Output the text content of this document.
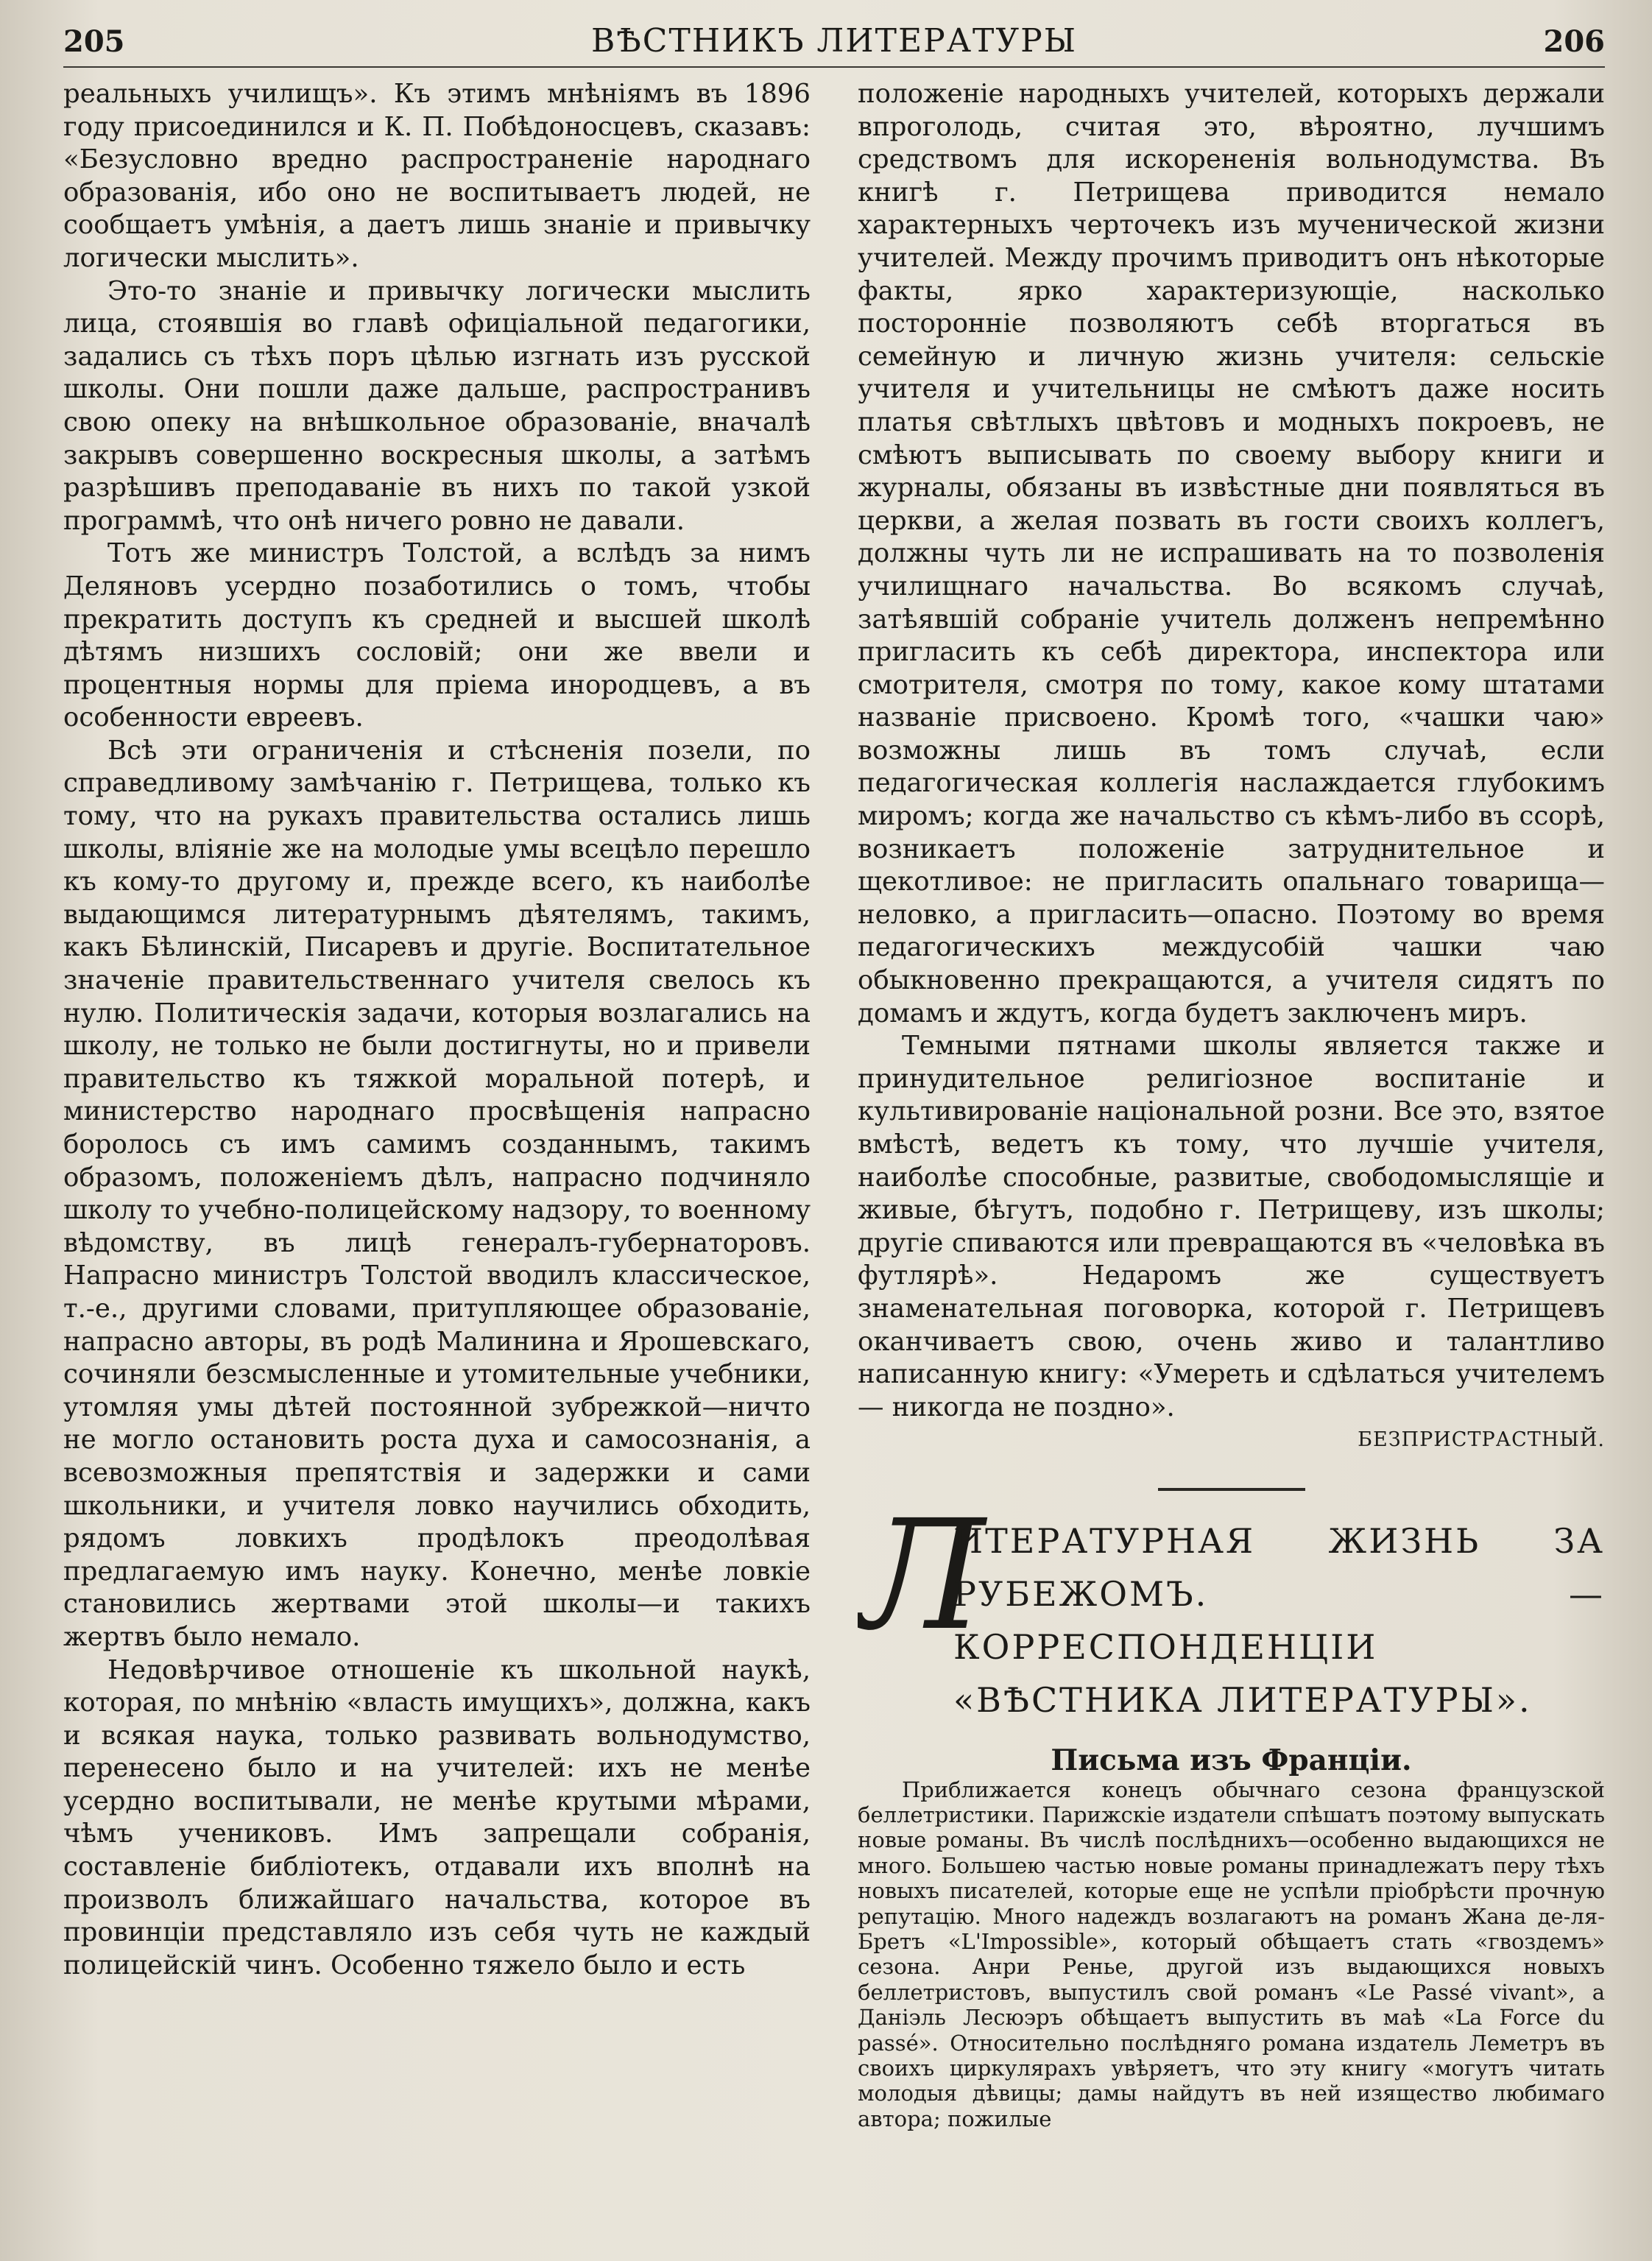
205	ВѢСТНИКЪ ЛИТЕРАТУРЫ	206

реальныхъ училищъ». Къ этимъ мнѣніямъ въ 1896 году присоединился и К. П. Побѣдоносцевъ, сказавъ: «Безусловно вредно распространеніе народнаго образованія, ибо оно не воспитываетъ людей, не сообщаетъ умѣнія, а даетъ лишь знаніе и привычку логически мыслить».

Это-то знаніе и привычку логически мыслить лица, стоявшія во главѣ офиціальной педагогики, задались съ тѣхъ поръ цѣлью изгнать изъ русской школы. Они пошли даже дальше, распространивъ свою опеку на внѣшкольное образованіе, вначалѣ закрывъ совершенно воскресныя школы, а затѣмъ разрѣшивъ преподаваніе въ нихъ по такой узкой программѣ, что онѣ ничего ровно не давали.

Тотъ же министръ Толстой, а вслѣдъ за нимъ Деляновъ усердно позаботились о томъ, чтобы прекратить доступъ къ средней и высшей школѣ дѣтямъ низшихъ сословій; они же ввели и процентныя нормы для пріема инородцевъ, а въ особенности евреевъ.

Всѣ эти ограниченія и стѣсненія позели, по справедливому замѣчанію г. Петрищева, только къ тому, что на рукахъ правительства остались лишь школы, вліяніе же на молодые умы всецѣло перешло къ кому-то другому и, прежде всего, къ наиболѣе выдающимся литературнымъ дѣятелямъ, такимъ, какъ Бѣлинскій, Писаревъ и другіе. Воспитательное значеніе правительственнаго учителя свелось къ нулю. Политическія задачи, которыя возлагались на школу, не только не были достигнуты, но и привели правительство къ тяжкой моральной потерѣ, и министерство народнаго просвѣщенія напрасно боролось съ имъ самимъ созданнымъ, такимъ образомъ, положеніемъ дѣлъ, напрасно подчиняло школу то учебно-полицейскому надзору, то военному вѣдомству, въ лицѣ генералъ-губернаторовъ. Напрасно министръ Толстой вводилъ классическое, т.-е., другими словами, притупляющее образованіе, напрасно авторы, въ родѣ Малинина и Ярошевскаго, сочиняли безсмысленные и утомительные учебники, утомляя умы дѣтей постоянной зубрежкой—ничто не могло остановить роста духа и самосознанія, а всевозможныя препятствія и задержки и сами школьники, и учителя ловко научились обходить, рядомъ ловкихъ продѣлокъ преодолѣвая предлагаемую имъ науку. Конечно, менѣе ловкіе становились жертвами этой школы—и такихъ жертвъ было немало.

Недовѣрчивое отношеніе къ школьной наукѣ, которая, по мнѣнію «власть имущихъ», должна, какъ и всякая наука, только развивать вольнодумство, перенесено было и на учителей: ихъ не менѣе усердно воспитывали, не менѣе крутыми мѣрами, чѣмъ учениковъ. Имъ запрещали собранія, составленіе библіотекъ, отдавали ихъ вполнѣ на произволъ ближайшаго начальства, которое въ провинціи представляло изъ себя чуть не каждый полицейскій чинъ. Особенно тяжело было и есть

положеніе народныхъ учителей, которыхъ держали впроголодь, считая это, вѣроятно, лучшимъ средствомъ для искорененія вольнодумства. Въ книгѣ г. Петрищева приводится немало характерныхъ черточекъ изъ мученической жизни учителей. Между прочимъ приводитъ онъ нѣкоторые факты, ярко характеризующіе, насколько посторонніе позволяютъ себѣ вторгаться въ семейную и личную жизнь учителя: сельскіе учителя и учительницы не смѣютъ даже носить платья свѣтлыхъ цвѣтовъ и модныхъ покроевъ, не смѣютъ выписывать по своему выбору книги и журналы, обязаны въ извѣстные дни появляться въ церкви, а желая позвать въ гости своихъ коллегъ, должны чуть ли не испрашивать на то позволенія училищнаго начальства. Во всякомъ случаѣ, затѣявшій собраніе учитель долженъ непремѣнно пригласить къ себѣ директора, инспектора или смотрителя, смотря по тому, какое кому штатами названіе присвоено. Кромѣ того, «чашки чаю» возможны лишь въ томъ случаѣ, если педагогическая коллегія наслаждается глубокимъ миромъ; когда же начальство съ кѣмъ-либо въ ссорѣ, возникаетъ положеніе затруднительное и щекотливое: не пригласить опальнаго товарища—неловко, а пригласить—опасно. Поэтому во время педагогическихъ междусобій чашки чаю обыкновенно прекращаются, а учителя сидятъ по домамъ и ждутъ, когда будетъ заключенъ миръ.

Темными пятнами школы является также и принудительное религіозное воспитаніе и культивированіе національной розни. Все это, взятое вмѣстѣ, ведетъ къ тому, что лучшіе учителя, наиболѣе способные, развитые, свободомыслящіе и живые, бѣгутъ, подобно г. Петрищеву, изъ школы; другіе спиваются или превращаются въ «человѣка въ футлярѣ». Недаромъ же существуетъ знаменательная поговорка, которой г. Петрищевъ оканчиваетъ свою, очень живо и талантливо написанную книгу: «Умереть и сдѣлаться учителемъ — никогда не поздно».

БЕЗПРИСТРАСТНЫЙ.

Л
ИТЕРАТУРНАЯ ЖИЗНЬ ЗА РУБЕЖОМЪ. — КОРРЕСПОНДЕНЦІИ «ВѢСТНИКА ЛИТЕРАТУРЫ».

Письма изъ Франціи.

Приближается конецъ обычнаго сезона французской беллетристики. Парижскіе издатели спѣшатъ поэтому выпускать новые романы. Въ числѣ послѣднихъ—особенно выдающихся не много. Большею частью новые романы принадлежатъ перу тѣхъ новыхъ писателей, которые еще не успѣли пріобрѣсти прочную репутацію. Много надеждъ возлагаютъ на романъ Жана де-ля-Бретъ «L'Impossible», который обѣщаетъ стать «гвоздемъ» сезона. Анри Ренье, другой изъ выдающихся новыхъ беллетристовъ, выпустилъ свой романъ «Le Passé vivant», а Даніэль Лесюэръ обѣщаетъ выпустить въ маѣ «La Force du passé». Относительно послѣдняго романа издатель Леметръ въ своихъ циркулярахъ увѣряетъ, что эту книгу «могутъ читать молодыя дѣвицы; дамы найдутъ въ ней изящество любимаго автора; пожилые
